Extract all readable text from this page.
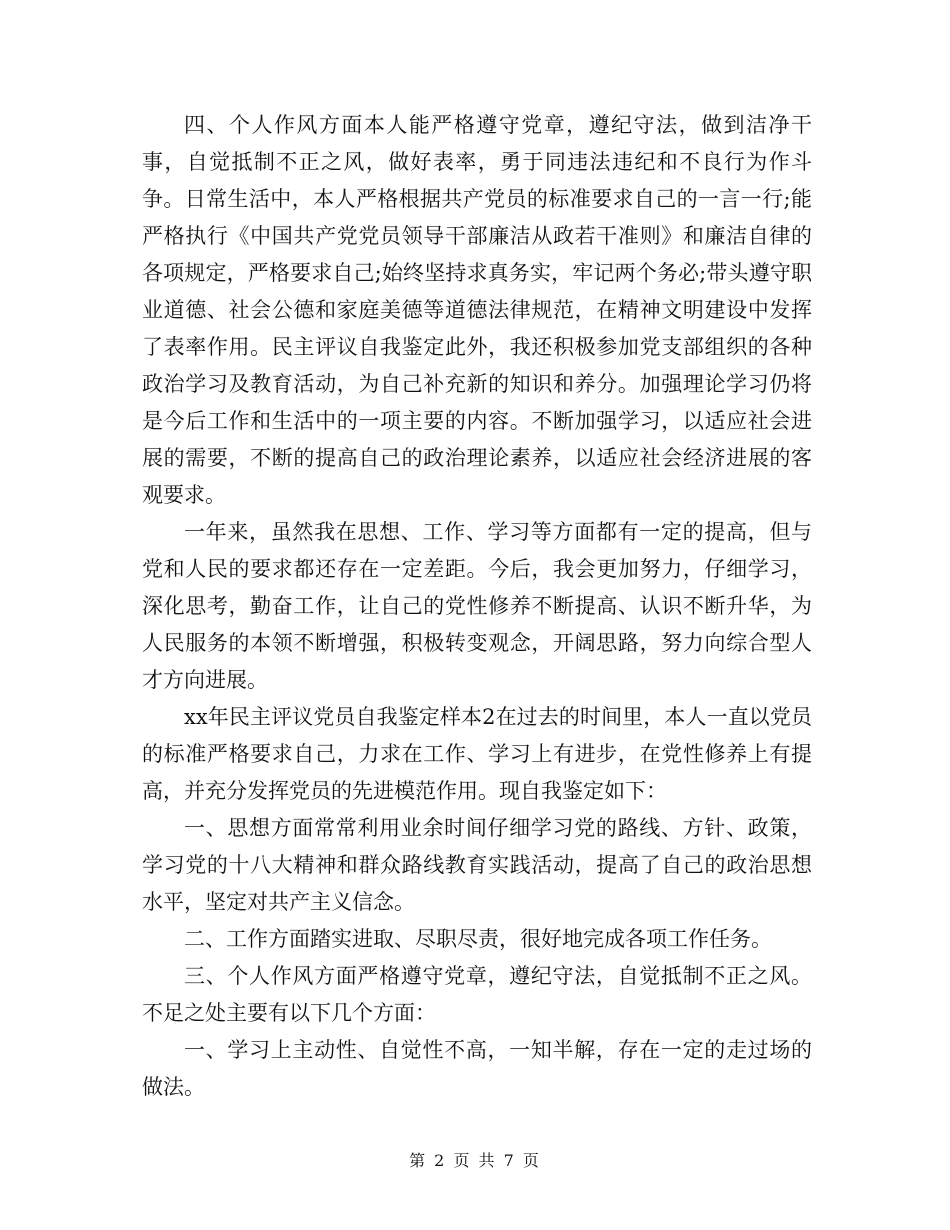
四、个人作风方面本人能严格遵守党章，遵纪守法，做到洁净干事，自觉抵制不正之风，做好表率，勇于同违法违纪和不良行为作斗争。日常生活中，本人严格根据共产党员的标准要求自己的一言一行;能严格执行《中国共产党党员领导干部廉洁从政若干准则》和廉洁自律的各项规定，严格要求自己;始终坚持求真务实，牢记两个务必;带头遵守职业道德、社会公德和家庭美德等道德法律规范，在精神文明建设中发挥了表率作用。民主评议自我鉴定此外，我还积极参加党支部组织的各种政治学习及教育活动，为自己补充新的知识和养分。加强理论学习仍将是今后工作和生活中的一项主要的内容。不断加强学习，以适应社会进展的需要，不断的提高自己的政治理论素养，以适应社会经济进展的客观要求。

一年来，虽然我在思想、工作、学习等方面都有一定的提高，但与党和人民的要求都还存在一定差距。今后，我会更加努力，仔细学习，深化思考，勤奋工作，让自己的党性修养不断提高、认识不断升华，为人民服务的本领不断增强，积极转变观念，开阔思路，努力向综合型人才方向进展。

xx年民主评议党员自我鉴定样本2在过去的时间里，本人一直以党员的标准严格要求自己，力求在工作、学习上有进步，在党性修养上有提高，并充分发挥党员的先进模范作用。现自我鉴定如下：

一、思想方面常常利用业余时间仔细学习党的路线、方针、政策，学习党的十八大精神和群众路线教育实践活动，提高了自己的政治思想水平，坚定对共产主义信念。

二、工作方面踏实进取、尽职尽责，很好地完成各项工作任务。

三、个人作风方面严格遵守党章，遵纪守法，自觉抵制不正之风。不足之处主要有以下几个方面：

一、学习上主动性、自觉性不高，一知半解，存在一定的走过场的做法。

第 2 页 共 7 页
